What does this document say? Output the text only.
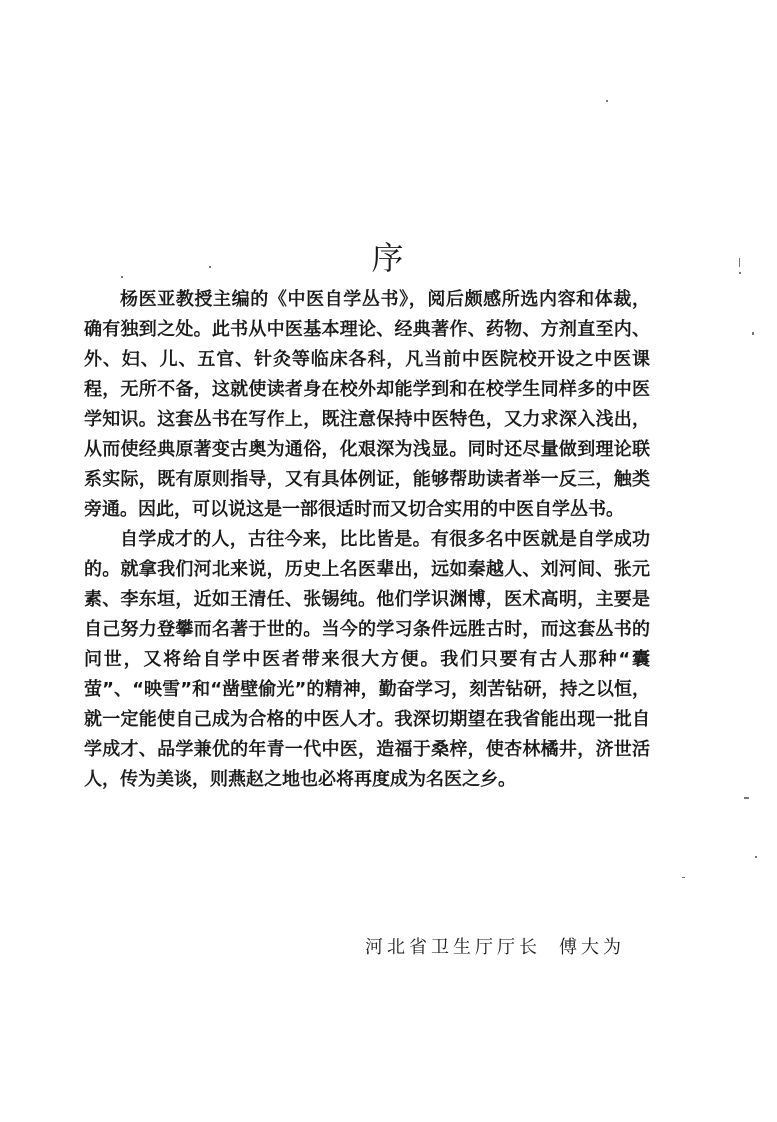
序

杨医亚教授主编的《中医自学丛书》，阅后颇感所选内容和体裁，确有独到之处。此书从中医基本理论、经典著作、药物、方剂直至内、外、妇、儿、五官、针灸等临床各科，凡当前中医院校开设之中医课程，无所不备，这就使读者身在校外却能学到和在校学生同样多的中医学知识。这套丛书在写作上，既注意保持中医特色，又力求深入浅出，从而使经典原著变古奥为通俗，化艰深为浅显。同时还尽量做到理论联系实际，既有原则指导，又有具体例证，能够帮助读者举一反三，触类旁通。因此，可以说这是一部很适时而又切合实用的中医自学丛书。

自学成才的人，古往今来，比比皆是。有很多名中医就是自学成功的。就拿我们河北来说，历史上名医辈出，远如秦越人、刘河间、张元素、李东垣，近如王清任、张锡纯。他们学识渊博，医术高明，主要是自己努力登攀而名著于世的。当今的学习条件远胜古时，而这套丛书的问世，又将给自学中医者带来很大方便。我们只要有古人那种“囊萤”、“映雪”和“凿壁偷光”的精神，勤奋学习，刻苦钻研，持之以恒，就一定能使自己成为合格的中医人才。我深切期望在我省能出现一批自学成才、品学兼优的年青一代中医，造福于桑梓，使杏林橘井，济世活人，传为美谈，则燕赵之地也必将再度成为名医之乡。

河北省卫生厅厅长 傅大为
